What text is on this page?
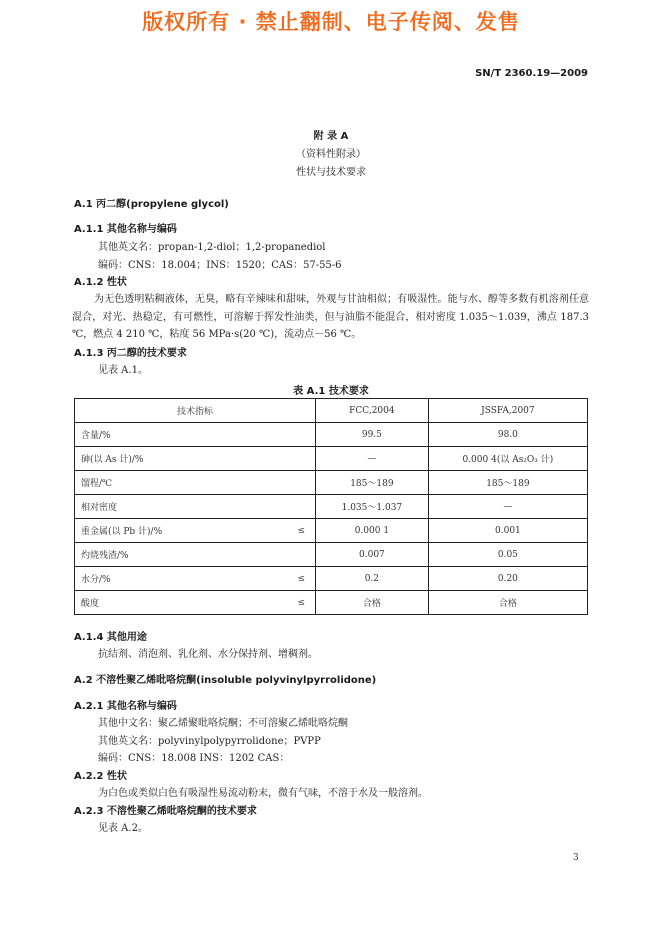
版权所有 · 禁止翻制、电子传阅、发售
SN/T 2360.19—2009
附 录 A
（资料性附录）
性状与技术要求
A.1 丙二醇(propylene glycol)
A.1.1 其他名称与编码
其他英文名：propan-1,2-diol；1,2-propanediol
编码：CNS：18.004；INS：1520；CAS：57-55-6
A.1.2 性状
为无色透明粘稠液体，无臭，略有辛辣味和甜味，外观与甘油相似；有吸湿性。能与水、醇等多数有机溶剂任意混合，对光、热稳定，有可燃性，可溶解于挥发性油类，但与油脂不能混合，相对密度 1.035～1.039，沸点 187.3 ℃，燃点 4 210 ℃，粘度 56 MPa·s(20 ℃)，流动点－56 ℃。
A.1.3 丙二醇的技术要求
见表 A.1。
表 A.1 技术要求
技术指标	FCC,2004	JSSFA,2007
含量/%	99.5	98.0
砷(以 As 计)/%	—	0.000 4(以 As₂O₃ 计)
馏程/℃	185～189	185～189
相对密度	1.035～1.037	—
重金属(以 Pb 计)/% ≤	0.000 1	0.001
灼烧残渣/%	0.007	0.05
水分/% ≤	0.2	0.20
酸度 ≤	合格	合格
A.1.4 其他用途
抗结剂、消泡剂、乳化剂、水分保持剂、增稠剂。
A.2 不溶性聚乙烯吡咯烷酮(insoluble polyvinylpyrrolidone)
A.2.1 其他名称与编码
其他中文名：聚乙烯聚吡咯烷酮；不可溶聚乙烯吡咯烷酮
其他英文名：polyvinylpolypyrrolidone；PVPP
编码：CNS：18.008 INS：1202 CAS：
A.2.2 性状
为白色或类似白色有吸湿性易流动粉末，微有气味，不溶于水及一般溶剂。
A.2.3 不溶性聚乙烯吡咯烷酮的技术要求
见表 A.2。
3
